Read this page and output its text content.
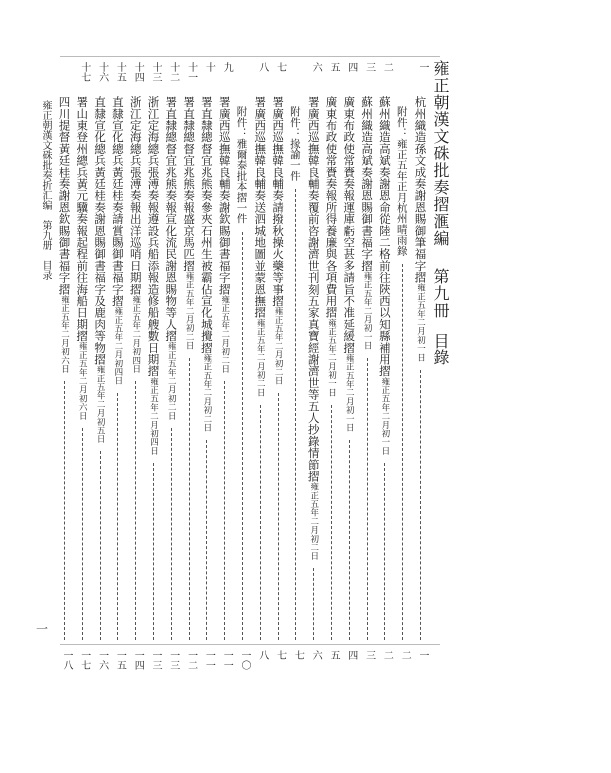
雍正朝漢文硃批奏摺滙編
第九冊
目錄
一
杭州織造孫文成奏謝恩賜御筆福字摺雍正五年二月初一日
一
附件：雍正五年正月杭州晴雨錄
二
二
蘇州織造高斌奏謝恩命從陸二格前往陝西以知縣補用摺雍正五年二月初一日
二
三
蘇州織造高斌奏謝恩賜御書福字摺雍正五年二月初一日
三
四
廣東布政使常賚奏報運庫虧空甚多請旨不准延緩摺雍正五年二月初一日
四
五
廣東布政使常賚奏報所得養廉與各項費用摺雍正五年二月初一日
五
六
署廣西巡撫韓良輔奏覆前咨謝濟世刊刻五家真寶經謝濟世等五人抄錄情節摺雍正五年二月初二日
六
附件：掾諭一件
七
七
署廣西巡撫韓良輔奏請撥秋操火藥等事摺雍正五年二月初二日
七
八
署廣西巡撫韓良輔奏送泗城地圖並蒙恩撫摺雍正五年二月初二日
八
附件：雅爾泰批本摺一件
一〇
九
署廣西巡撫韓良輔奏謝欽賜御書福字摺雍正五年二月初二日
一一
十
署直隸總督宜兆熊奏參夾石州生被霸佔宣化城攪摺雍正五年二月初二日
一一
十一
署直隸總督宜兆熊奏報盛京馬匹摺雍正五年二月初二日
一二
十二
署直隸總督宜兆熊奏報宣化流民謝恩賜物等人摺雍正五年二月初二日
一三
十三
浙江定海總兵張溥奏報遵設兵船添報造修船艘數日期摺雍正五年二月初四日
一三
十四
浙江定海總兵張溥奏報出洋巡哨日期摺雍正五年二月初四日
一四
十五
直隸宣化總兵黃廷桂奏請賞賜御書福字摺雍正五年二月初四日
一五
十六
直隸宣化總兵黃廷桂奏謝恩賜御書福字及鹿肉等物摺雍正五年二月初五日
一六
十七
署山東登州總兵黃元驥奏報起程前往海船日期摺雍正五年二月初六日
一七
四川提督黃廷桂奏謝恩欽賜御書福字摺雍正五年二月初六日
一八
雍正朝漢文硃批奏折汇编　第九册　目录
一
